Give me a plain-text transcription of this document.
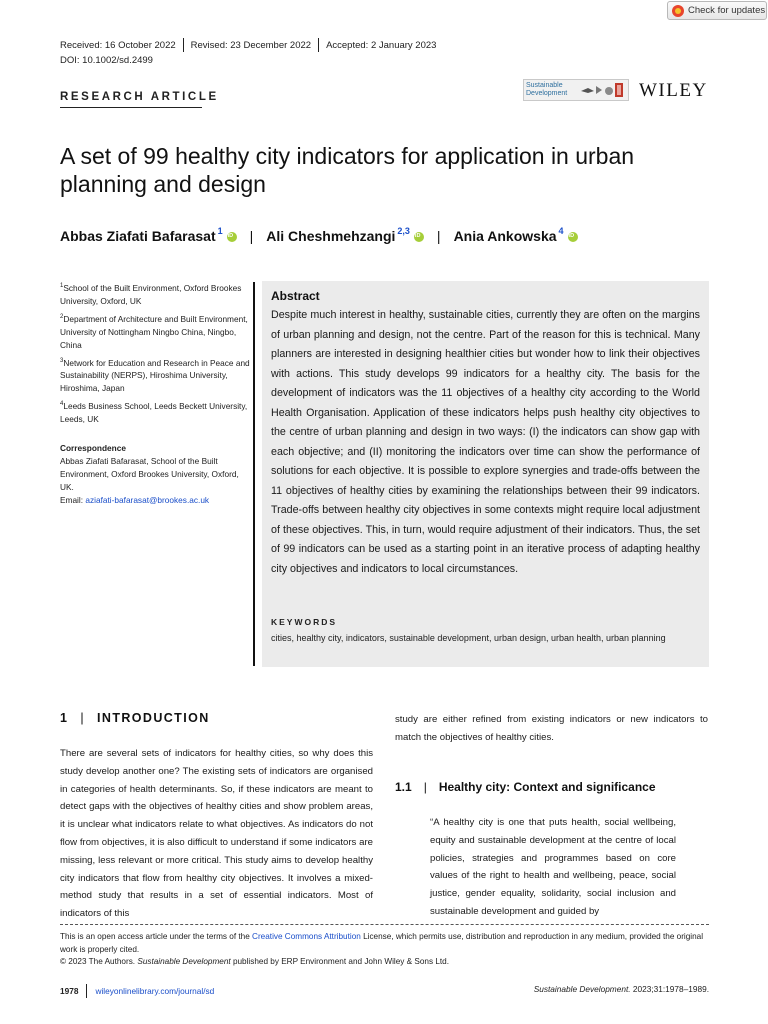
Check for updates
Received: 16 October 2022 Revised: 23 December 2022 Accepted: 2 January 2023
DOI: 10.1002/sd.2499
RESEARCH ARTICLE
Sustainable
Development	WILEY
A set of 99 healthy city indicators for application in urban planning and design
Abbas Ziafati Bafarasat$^1$ iD | Ali Cheshmehzangi$^{2,3}$ iD | Ania Ankowska$^4$
iD
$^1$School of the Built Environment, Oxford Brookes University, Oxford, UK
$^2$Department of Architecture and Built Environment, University of Nottingham Ningbo China, Ningbo, China
$^3$Network for Education and Research in Peace and Sustainability (NERPS), Hiroshima University, Hiroshima, Japan
$^4$Leeds Business School, Leeds Beckett University, Leeds, UK
Correspondence
Abbas Ziafati Bafarasat, School of the Built Environment, Oxford Brookes University, Oxford, UK.
Email: aziafati-bafarasat@brookes.ac.uk
Abstract

Despite much interest in healthy, sustainable cities, currently they are often on the margins of urban planning and design, not the centre. Part of the reason for this is technical. Many planners are interested in designing healthier cities but wonder how to link their objectives with actions. This study develops 99 indicators for a healthy city. The basis for the development of indicators was the 11 objectives of a healthy city according to the World Health Organisation. Application of these indicators helps push healthy city objectives to the centre of urban planning and design in two ways: (I) the indicators can show gap with each objective; and (II) monitoring the indicators over time can show the performance of solutions for each objective. It is possible to explore synergies and trade-offs between the 11 objectives of healthy cities by examining the relationships between their 99 indicators. Trade-offs between healthy city objectives in some contexts might require local adjustment of these objectives. This, in turn, would require adjustment of their indicators. Thus, the set of 99 indicators can be used as a starting point in an iterative process of adapting healthy city objectives and indicators to local circumstances.

KEYWORDS
cities, healthy city, indicators, sustainable development, urban design, urban health, urban planning
1 | INTRODUCTION

There are several sets of indicators for healthy cities, so why does this study develop another one? The existing sets of indicators are organised in categories of health determinants. So, if these indicators are meant to detect gaps with the objectives of healthy cities and show problem areas, it is unclear what indicators relate to what objectives. As indicators do not flow from objectives, it is also difficult to understand if some indicators are missing, less relevant or more critical. This study aims to develop healthy city indicators that flow from healthy city objectives. It involves a mixed-method study that results in a set of essential indicators. Most of indicators of this

study are either refined from existing indicators or new indicators to match the objectives of healthy cities.

1.1 | Healthy city: Context and significance

“A healthy city is one that puts health, social wellbeing, equity and sustainable development at the centre of local policies, strategies and programmes based on core values of the right to health and wellbeing, peace, social justice, gender equality, solidarity, social inclusion and sustainable development and guided by

This is an open access article under the terms of the Creative Commons Attribution License, which permits use, distribution and reproduction in any medium, provided the original work is properly cited.
© 2023 The Authors. Sustainable Development published by ERP Environment and John Wiley & Sons Ltd.
1978 wileyonlinelibrary.com/journal/sd	Sustainable Development. 2023;31:1978–1989.
